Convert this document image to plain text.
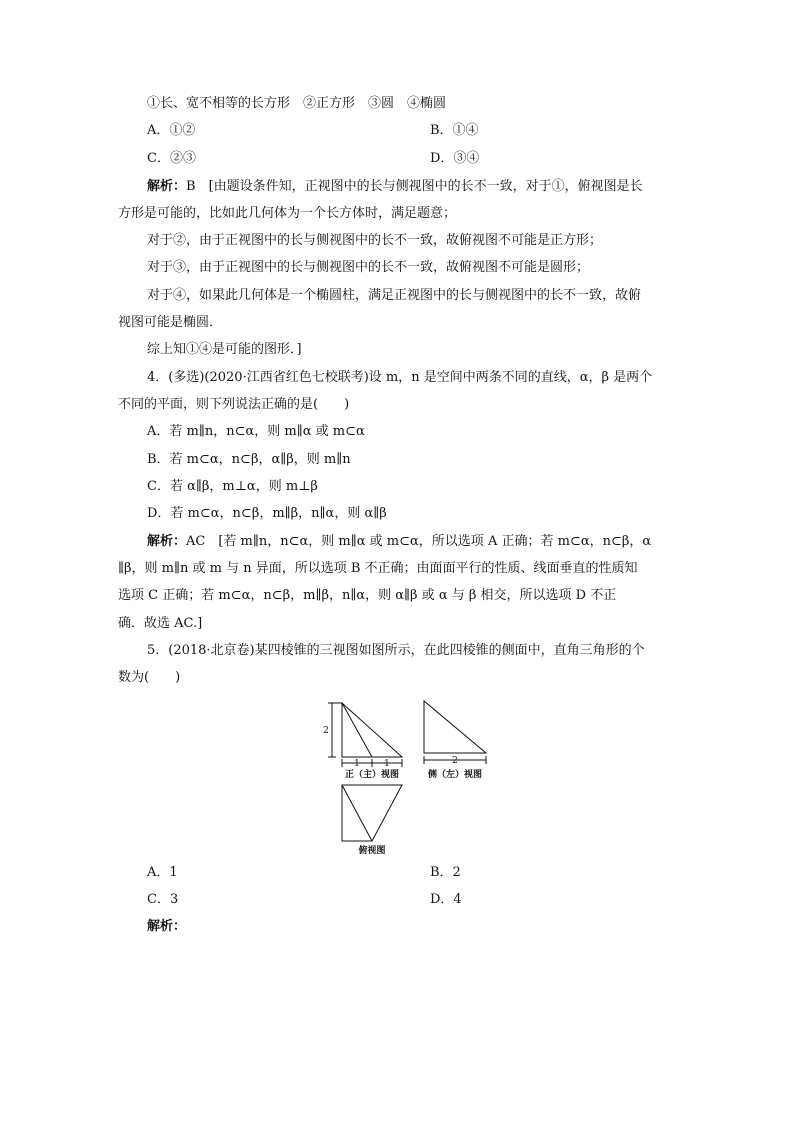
①长、宽不相等的长方形　②正方形　③圆　④椭圆
A．①②	B．①④
C．②③	D．③④
解析：B　[由题设条件知，正视图中的长与侧视图中的长不一致，对于①，俯视图是长
方形是可能的，比如此几何体为一个长方体时，满足题意；
对于②，由于正视图中的长与侧视图中的长不一致，故俯视图不可能是正方形；
对于③，由于正视图中的长与侧视图中的长不一致，故俯视图不可能是圆形；
对于④，如果此几何体是一个椭圆柱，满足正视图中的长与侧视图中的长不一致，故俯
视图可能是椭圆．
综上知①④是可能的图形．]
4．(多选)(2020·江西省红色七校联考)设 m，n 是空间中两条不同的直线，α，β 是两个
不同的平面，则下列说法正确的是(　　)
A．若 m∥n，n⊂α，则 m∥α 或 m⊂α
B．若 m⊂α，n⊂β，α∥β，则 m∥n
C．若 α∥β，m⊥α，则 m⊥β
D．若 m⊂α，n⊂β，m∥β，n∥α，则 α∥β
解析：AC　[若 m∥n，n⊂α，则 m∥α 或 m⊂α，所以选项 A 正确；若 m⊂α，n⊂β，α
∥β，则 m∥n 或 m 与 n 异面，所以选项 B 不正确；由面面平行的性质、线面垂直的性质知
选项 C 正确；若 m⊂α，n⊂β，m∥β，n∥α，则 α∥β 或 α 与 β 相交，所以选项 D 不正
确．故选 AC.]
5．(2018·北京卷)某四棱锥的三视图如图所示，在此四棱锥的侧面中，直角三角形的个
数为(　　)
2
1	1	2
正（主）视图	侧（左）视图
俯视图
A．1	B．2
C．3	D．4
解析：
